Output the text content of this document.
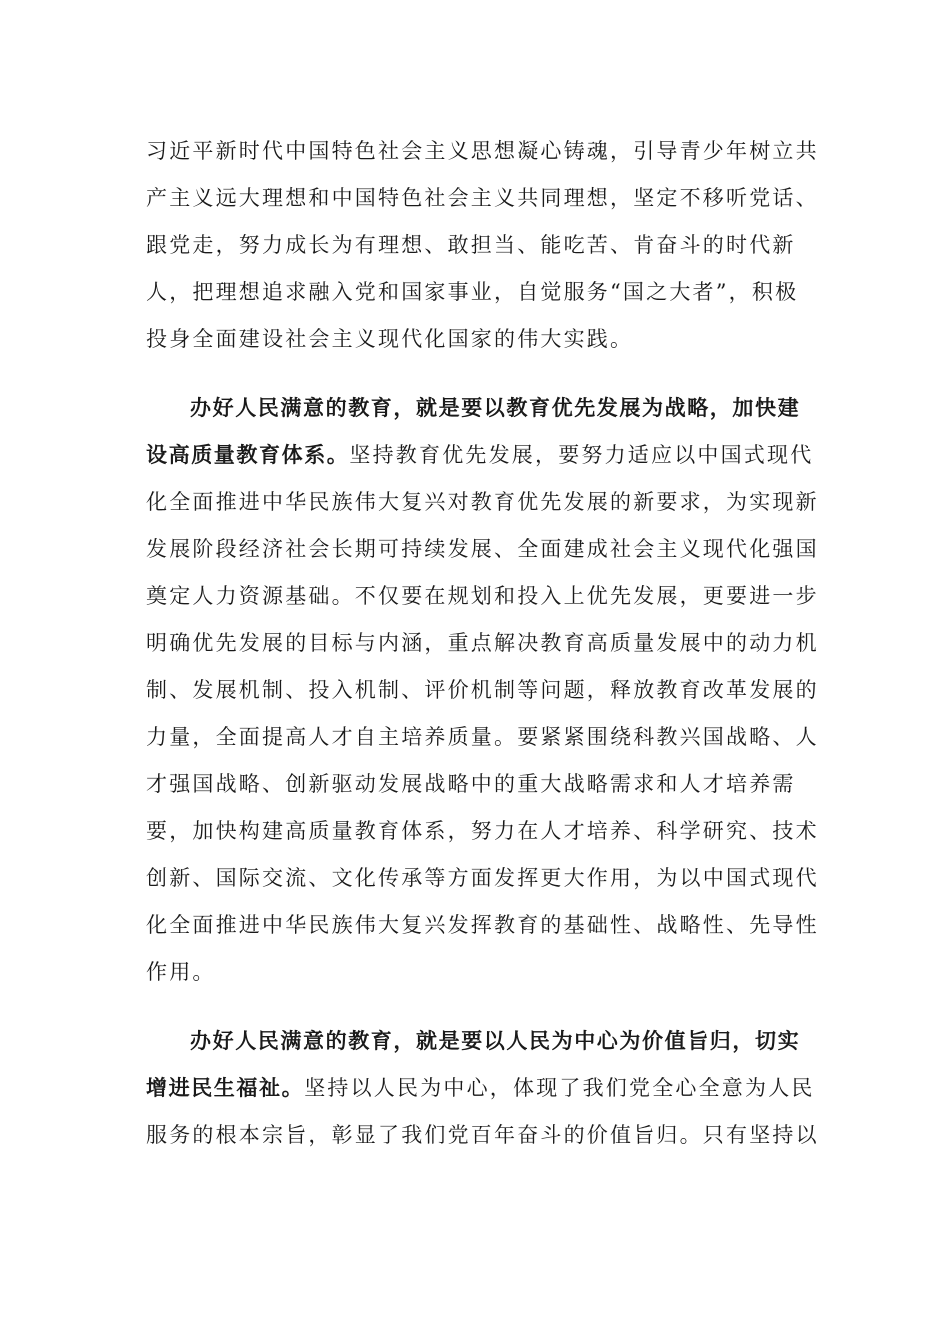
习近平新时代中国特色社会主义思想凝心铸魂，引导青少年树立共
产主义远大理想和中国特色社会主义共同理想，坚定不移听党话、
跟党走，努力成长为有理想、敢担当、能吃苦、肯奋斗的时代新
人，把理想追求融入党和国家事业，自觉服务“国之大者”，积极
投身全面建设社会主义现代化国家的伟大实践。
办好人民满意的教育，就是要以教育优先发展为战略，加快建
设高质量教育体系。坚持教育优先发展，要努力适应以中国式现代
化全面推进中华民族伟大复兴对教育优先发展的新要求，为实现新
发展阶段经济社会长期可持续发展、全面建成社会主义现代化强国
奠定人力资源基础。不仅要在规划和投入上优先发展，更要进一步
明确优先发展的目标与内涵，重点解决教育高质量发展中的动力机
制、发展机制、投入机制、评价机制等问题，释放教育改革发展的
力量，全面提高人才自主培养质量。要紧紧围绕科教兴国战略、人
才强国战略、创新驱动发展战略中的重大战略需求和人才培养需
要，加快构建高质量教育体系，努力在人才培养、科学研究、技术
创新、国际交流、文化传承等方面发挥更大作用，为以中国式现代
化全面推进中华民族伟大复兴发挥教育的基础性、战略性、先导性
作用。
办好人民满意的教育，就是要以人民为中心为价值旨归，切实
增进民生福祉。坚持以人民为中心，体现了我们党全心全意为人民
服务的根本宗旨，彰显了我们党百年奋斗的价值旨归。只有坚持以
